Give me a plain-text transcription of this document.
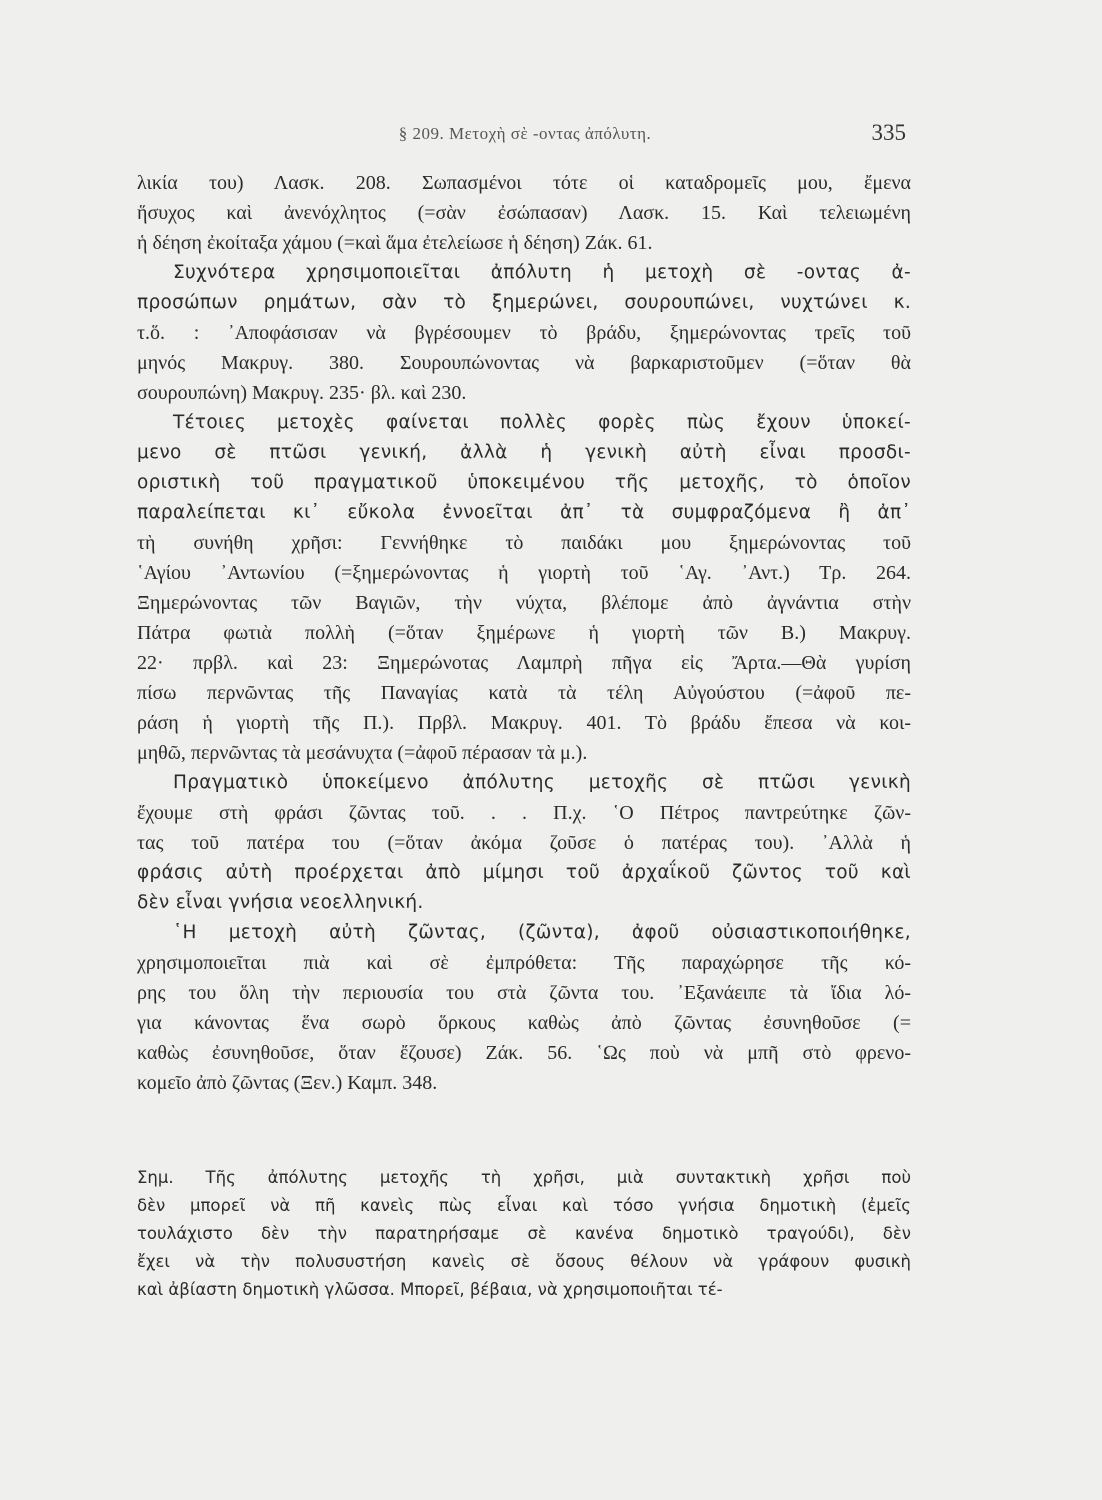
§ 209. Μετοχὴ σὲ -οντας ἀπόλυτη.	335
λικία του) Λασκ. 208. Σωπασμένοι τότε οἱ καταδρομεῖς μου, ἔμενα
ἥσυχος καὶ ἀνενόχλητος (=σὰν ἐσώπασαν) Λασκ. 15. Καὶ τελειωμένη
ἡ δέηση ἐκοίταξα χάμου (=καὶ ἅμα ἐτελείωσε ἡ δέηση) Ζάκ. 61.
Συχνότερα χρησιμοποιεῖται ἀπόλυτη ἡ μετοχὴ σὲ -οντας ἀ-
προσώπων ρημάτων, σὰν τὸ ξημερώνει, σουρουπώνει, νυχτώνει κ.
τ.ὅ. : ᾿Αποφάσισαν νὰ βγρέσουμεν τὸ βράδυ, ξημερώνοντας τρεῖς τοῦ
μηνός Μακρυγ. 380. Σουρουπώνοντας νὰ βαρκαριστοῦμεν (=ὅταν θὰ
σουρουπώνη) Μακρυγ. 235· βλ. καὶ 230.
Τέτοιες μετοχὲς φαίνεται πολλὲς φορὲς πὼς ἔχουν ὑποκεί-
μενο σὲ πτῶσι γενική, ἀλλὰ ἡ γενικὴ αὐτὴ εἶναι προσδι-
οριστικὴ τοῦ πραγματικοῦ ὑποκειμένου τῆς μετοχῆς, τὸ ὁποῖον
παραλείπεται κι᾿ εὔκολα ἐννοεῖται ἀπ᾿ τὰ συμφραζόμενα ἢ ἀπ᾿
τὴ συνήθη χρῆσι: Γεννήθηκε τὸ παιδάκι μου ξημερώνοντας τοῦ
῾Αγίου ᾿Αντωνίου (=ξημερώνοντας ἡ γιορτὴ τοῦ ῾Αγ. ᾿Αντ.) Τρ. 264.
Ξημερώνοντας τῶν Βαγιῶν, τὴν νύχτα, βλέπομε ἀπὸ ἀγνάντια στὴν
Πάτρα φωτιὰ πολλὴ (=ὅταν ξημέρωνε ἡ γιορτὴ τῶν Β.) Μακρυγ.
22· πρβλ. καὶ 23: Ξημερώνοτας Λαμπρὴ πῆγα εἰς Ἄρτα.—Θὰ γυρίση
πίσω περνῶντας τῆς Παναγίας κατὰ τὰ τέλη Αὐγούστου (=ἀφοῦ πε-
ράση ἡ γιορτὴ τῆς Π.). Πρβλ. Μακρυγ. 401. Τὸ βράδυ ἔπεσα νὰ κοι-
μηθῶ, περνῶντας τὰ μεσάνυχτα (=ἀφοῦ πέρασαν τὰ μ.).
Πραγματικὸ ὑποκείμενο ἀπόλυτης μετοχῆς σὲ πτῶσι γενικὴ
ἔχουμε στὴ φράσι ζῶντας τοῦ. . . Π.χ. ῾Ο Πέτρος παντρεύτηκε ζῶν-
τας τοῦ πατέρα του (=ὅταν ἀκόμα ζοῦσε ὁ πατέρας του). ᾿Αλλὰ ἡ
φράσις αὐτὴ προέρχεται ἀπὸ μίμησι τοῦ ἀρχαΐκοῦ ζῶντος τοῦ καὶ
δὲν εἶναι γνήσια νεοελληνική.
῾Η μετοχὴ αὐτὴ ζῶντας, (ζῶντα), ἀφοῦ οὐσιαστικοποιήθηκε,
χρησιμοποιεῖται πιὰ καὶ σὲ ἐμπρόθετα: Τῆς παραχώρησε τῆς κό-
ρης του ὅλη τὴν περιουσία του στὰ ζῶντα του. ᾿Εξανάειπε τὰ ἴδια λό-
για κάνοντας ἕνα σωρὸ ὅρκους καθὼς ἀπὸ ζῶντας ἐσυνηθοῦσε (=
καθὼς ἐσυνηθοῦσε, ὅταν ἔζουσε) Ζάκ. 56. ῾Ως ποὺ νὰ μπῆ στὸ φρενο-
κομεῖο ἀπὸ ζῶντας (Ξεν.) Καμπ. 348.
Σημ. Τῆς ἀπόλυτης μετοχῆς τὴ χρῆσι, μιὰ συντακτικὴ χρῆσι ποὺ
δὲν μπορεῖ νὰ πῆ κανεὶς πὼς εἶναι καὶ τόσο γνήσια δημοτικὴ (ἐμεῖς
τουλάχιστο δὲν τὴν παρατηρήσαμε σὲ κανένα δημοτικὸ τραγούδι), δὲν
ἔχει νὰ τὴν πολυσυστήση κανεὶς σὲ ὅσους θέλουν νὰ γράφουν φυσικὴ
καὶ ἀβίαστη δημοτικὴ γλῶσσα. Μπορεῖ, βέβαια, νὰ χρησιμοποιῆται τέ-
